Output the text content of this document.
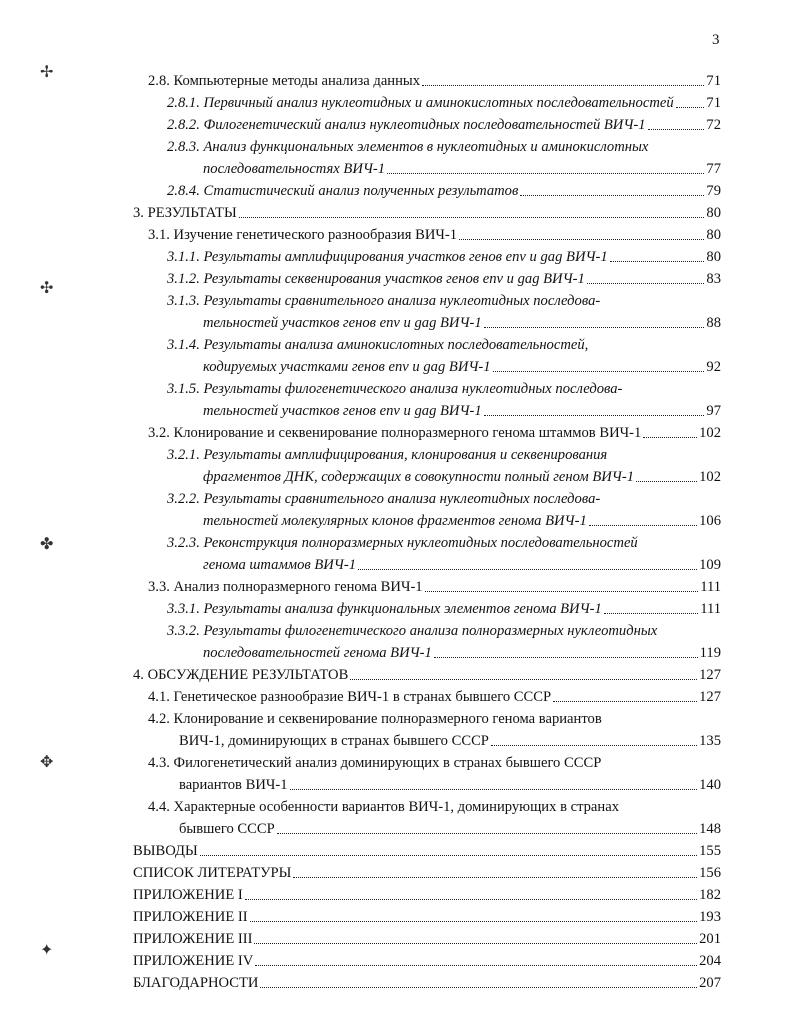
3
✢
✣
✤
✥
✦
2.8. Компьютерные методы анализа данных	71
2.8.1. Первичный анализ нуклеотидных и аминокислотных последовательностей 71
2.8.2. Филогенетический анализ нуклеотидных последовательностей ВИЧ-1	72
2.8.3. Анализ функциональных элементов в нуклеотидных и аминокислотных
последовательностях ВИЧ-1	77
2.8.4. Статистический анализ полученных результатов	79
3. РЕЗУЛЬТАТЫ	80
3.1. Изучение генетического разнообразия ВИЧ-1	80
3.1.1. Результаты амплифицирования участков генов env и gag ВИЧ-1	80
3.1.2. Результаты секвенирования участков генов env и gag ВИЧ-1	83
3.1.3. Результаты сравнительного анализа нуклеотидных последова-
тельностей участков генов env и gag ВИЧ-1	88
3.1.4. Результаты анализа аминокислотных последовательностей,
кодируемых участками генов env и gag ВИЧ-1	92
3.1.5. Результаты филогенетического анализа нуклеотидных последова-
тельностей участков генов env и gag ВИЧ-1	97
3.2. Клонирование и секвенирование полноразмерного генома штаммов ВИЧ-1	102
3.2.1. Результаты амплифицирования, клонирования и секвенирования
фрагментов ДНК, содержащих в совокупности полный геном ВИЧ-1	102
3.2.2. Результаты сравнительного анализа нуклеотидных последова-
тельностей молекулярных клонов фрагментов генома ВИЧ-1	106
3.2.3. Реконструкция полноразмерных нуклеотидных последовательностей
генома штаммов ВИЧ-1	109
3.3. Анализ полноразмерного генома ВИЧ-1	111
3.3.1. Результаты анализа функциональных элементов генома ВИЧ-1	111
3.3.2. Результаты филогенетического анализа полноразмерных нуклеотидных
последовательностей генома ВИЧ-1	119
4. ОБСУЖДЕНИЕ РЕЗУЛЬТАТОВ	127
4.1. Генетическое разнообразие ВИЧ-1 в странах бывшего СССР	127
4.2. Клонирование и секвенирование полноразмерного генома вариантов
ВИЧ-1, доминирующих в странах бывшего СССР	135
4.3. Филогенетический анализ доминирующих в странах бывшего СССР
вариантов ВИЧ-1	140
4.4. Характерные особенности вариантов ВИЧ-1, доминирующих в странах
бывшего СССР	148
ВЫВОДЫ	155
СПИСОК ЛИТЕРАТУРЫ	156
ПРИЛОЖЕНИЕ I	182
ПРИЛОЖЕНИЕ II	193
ПРИЛОЖЕНИЕ III	201
ПРИЛОЖЕНИЕ IV	204
БЛАГОДАРНОСТИ	207
